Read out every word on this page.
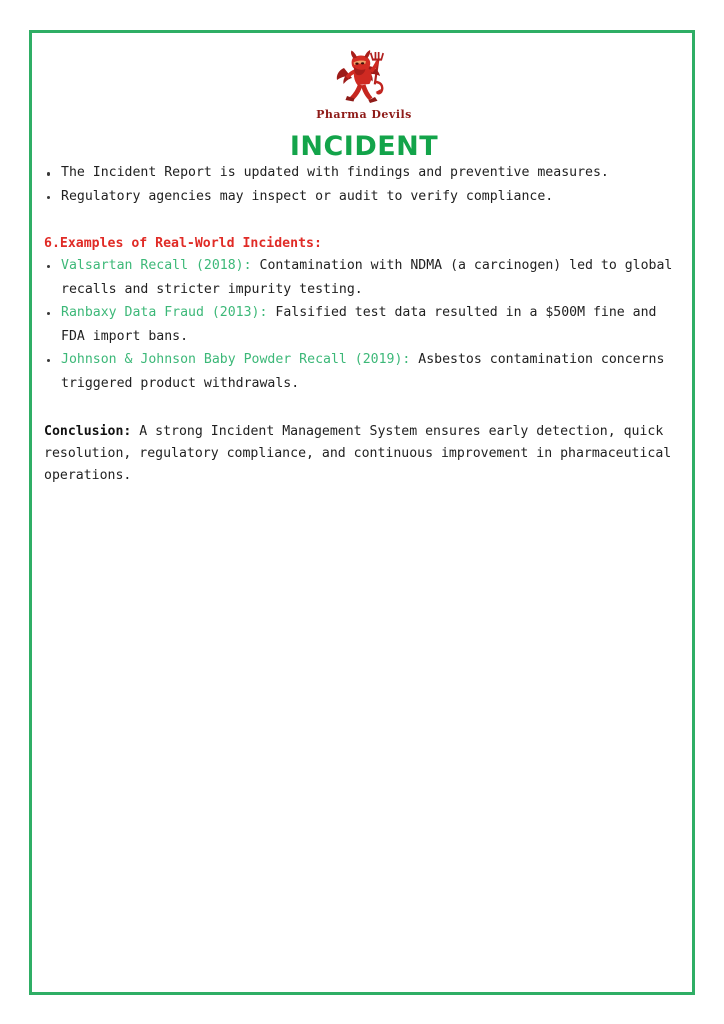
Pharma Devils
INCIDENT
The Incident Report is updated with findings and preventive measures.
Regulatory agencies may inspect or audit to verify compliance.
6.Examples of Real-World Incidents:
Valsartan Recall (2018): Contamination with NDMA (a carcinogen) led to global recalls and stricter impurity testing.
Ranbaxy Data Fraud (2013): Falsified test data resulted in a $500M fine and FDA import bans.
Johnson & Johnson Baby Powder Recall (2019): Asbestos contamination concerns triggered product withdrawals.

Conclusion: A strong Incident Management System ensures early detection, quick resolution, regulatory compliance, and continuous improvement in pharmaceutical operations.
